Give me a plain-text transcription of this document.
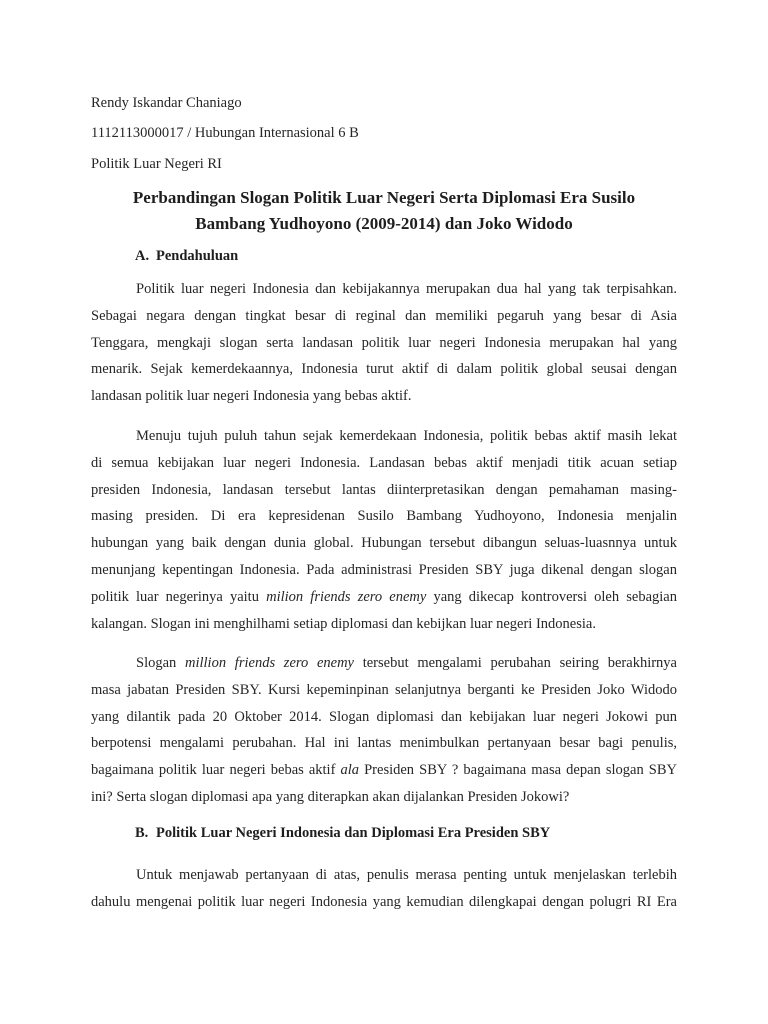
Rendy Iskandar Chaniago
1112113000017 / Hubungan Internasional 6 B
Politik Luar Negeri RI
Perbandingan Slogan Politik Luar Negeri Serta Diplomasi Era Susilo
Bambang Yudhoyono (2009-2014) dan Joko Widodo
A. Pendahuluan
Politik luar negeri Indonesia dan kebijakannya merupakan dua hal yang tak terpisahkan.
Sebagai negara dengan tingkat besar di reginal dan memiliki pegaruh yang besar di Asia
Tenggara, mengkaji slogan serta landasan politik luar negeri Indonesia merupakan hal yang
menarik. Sejak kemerdekaannya, Indonesia turut aktif di dalam politik global seusai dengan
landasan politik luar negeri Indonesia yang bebas aktif.
Menuju tujuh puluh tahun sejak kemerdekaan Indonesia, politik bebas aktif masih lekat
di semua kebijakan luar negeri Indonesia. Landasan bebas aktif menjadi titik acuan setiap
presiden Indonesia, landasan tersebut lantas diinterpretasikan dengan pemahaman masing-
masing presiden. Di era kepresidenan Susilo Bambang Yudhoyono, Indonesia menjalin
hubungan yang baik dengan dunia global. Hubungan tersebut dibangun seluas-luasnnya untuk
menunjang kepentingan Indonesia. Pada administrasi Presiden SBY juga dikenal dengan slogan
politik luar negerinya yaitu milion friends zero enemy yang dikecap kontroversi oleh sebagian
kalangan. Slogan ini menghilhami setiap diplomasi dan kebijkan luar negeri Indonesia.
Slogan million friends zero enemy tersebut mengalami perubahan seiring berakhirnya
masa jabatan Presiden SBY. Kursi kepeminpinan selanjutnya berganti ke Presiden Joko Widodo
yang dilantik pada 20 Oktober 2014. Slogan diplomasi dan kebijakan luar negeri Jokowi pun
berpotensi mengalami perubahan. Hal ini lantas menimbulkan pertanyaan besar bagi penulis,
bagaimana politik luar negeri bebas aktif ala Presiden SBY ? bagaimana masa depan slogan SBY
ini? Serta slogan diplomasi apa yang diterapkan akan dijalankan Presiden Jokowi?
B. Politik Luar Negeri Indonesia dan Diplomasi Era Presiden SBY
Untuk menjawab pertanyaan di atas, penulis merasa penting untuk menjelaskan terlebih
dahulu mengenai politik luar negeri Indonesia yang kemudian dilengkapai dengan polugri RI Era
